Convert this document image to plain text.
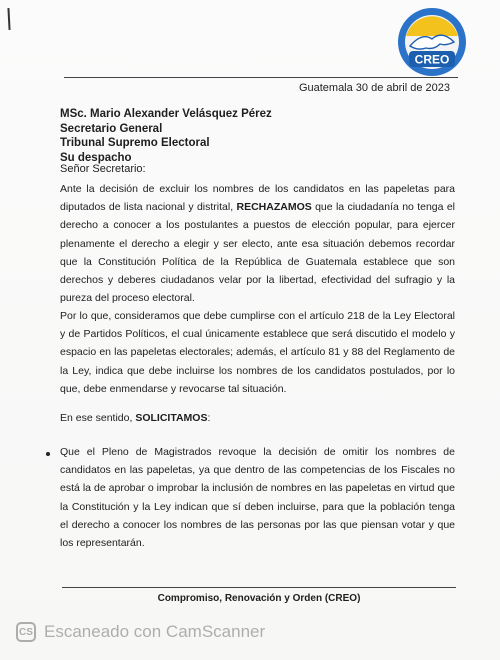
CREO
Guatemala 30 de abril de 2023
MSc. Mario Alexander Velásquez Pérez
Secretario General
Tribunal Supremo Electoral
Su despacho
Señor Secretario:

Ante la decisión de excluir los nombres de los candidatos en las papeletas para diputados de lista nacional y distrital, RECHAZAMOS que la ciudadanía no tenga el derecho a conocer a los postulantes a puestos de elección popular, para ejercer plenamente el derecho a elegir y ser electo, ante esa situación debemos recordar que la Constitución Política de la República de Guatemala establece que son derechos y deberes ciudadanos velar por la libertad, efectividad del sufragio y la pureza del proceso electoral.

Por lo que, consideramos que debe cumplirse con el artículo 218 de la Ley Electoral y de Partidos Políticos, el cual únicamente establece que será discutido el modelo y espacio en las papeletas electorales; además, el artículo 81 y 88 del Reglamento de la Ley, indica que debe incluirse los nombres de los candidatos postulados, por lo que, debe enmendarse y revocarse tal situación.

En ese sentido, SOLICITAMOS:

Que el Pleno de Magistrados revoque la decisión de omitir los nombres de candidatos en las papeletas, ya que dentro de las competencias de los Fiscales no está la de aprobar o improbar la inclusión de nombres en las papeletas en virtud que la Constitución y la Ley indican que sí deben incluirse, para que la población tenga el derecho a conocer los nombres de las personas por las que piensan votar y que los representarán.

Compromiso, Renovación y Orden (CREO)
CS Escaneado con CamScanner
